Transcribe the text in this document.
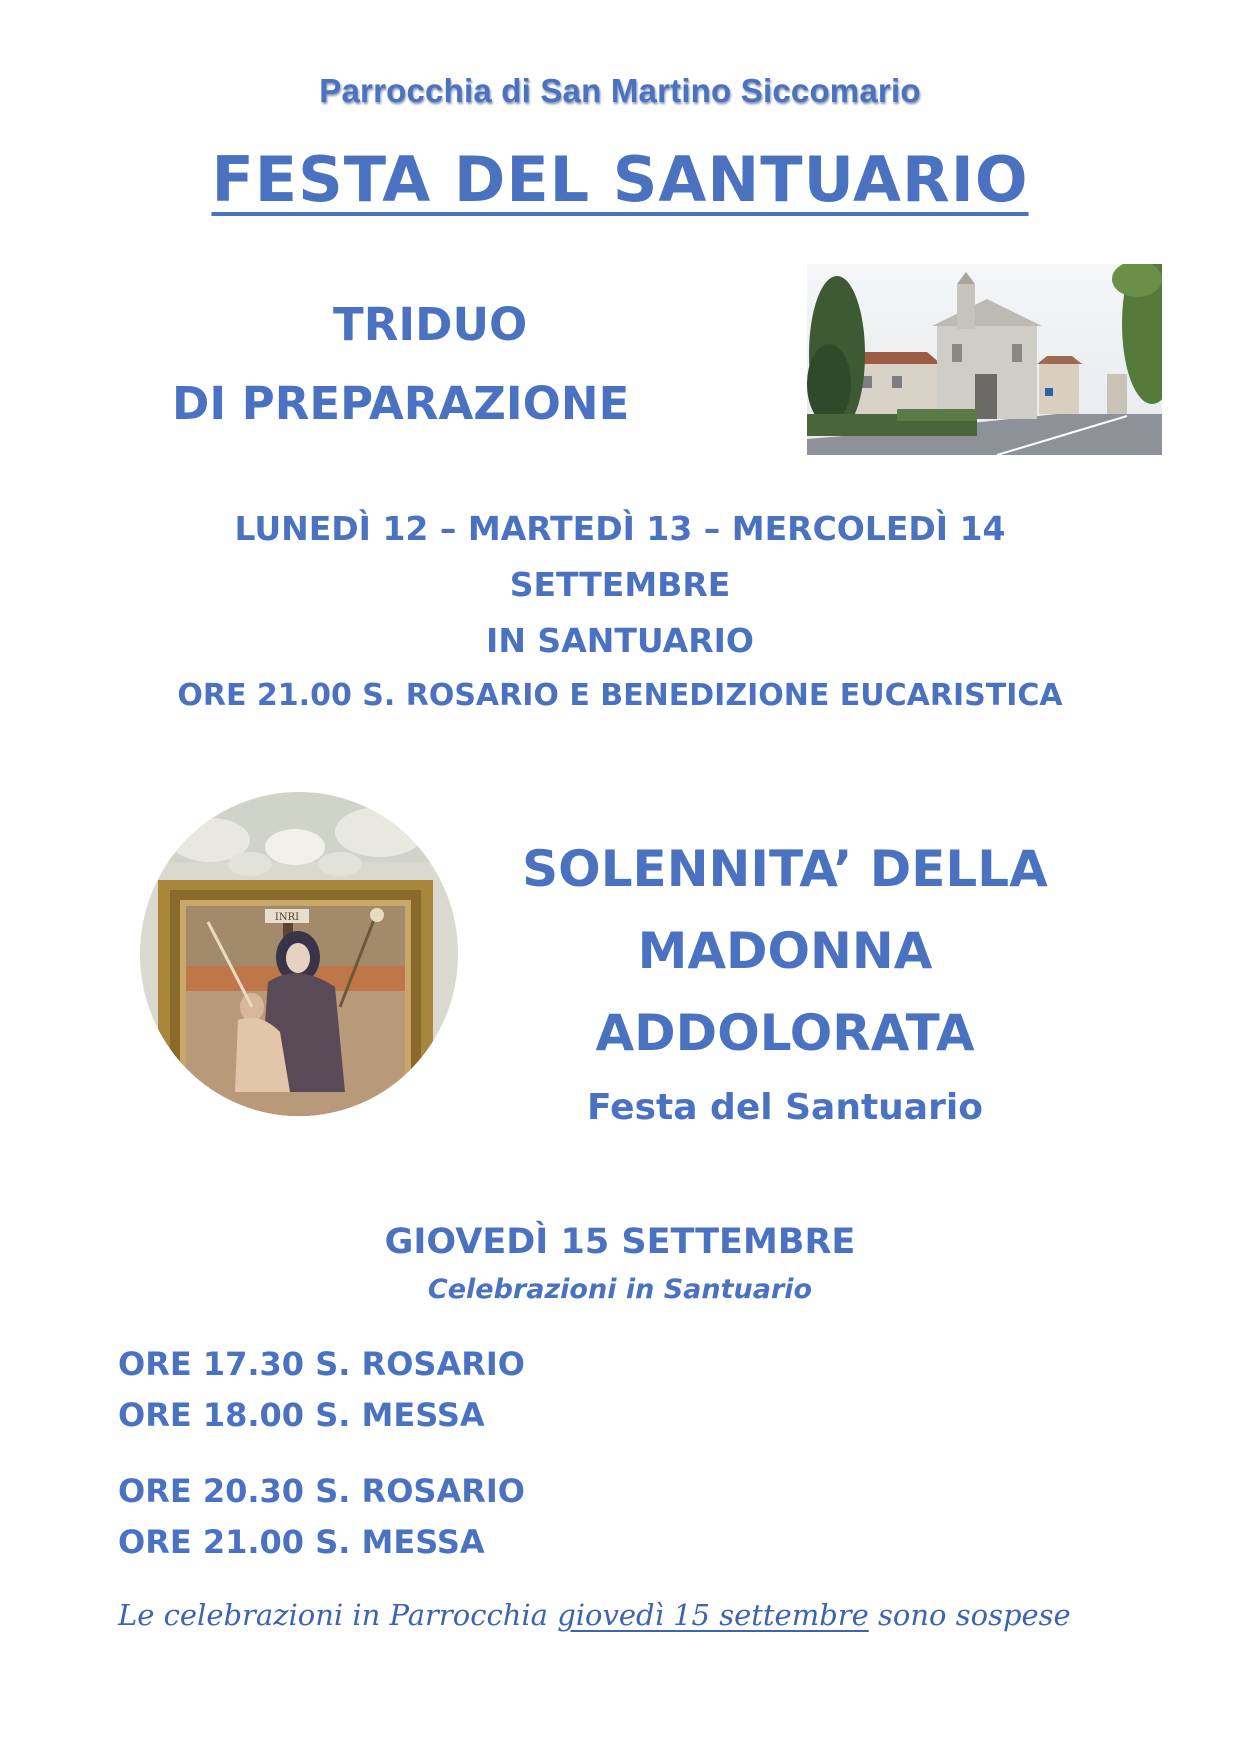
Parrocchia di San Martino Siccomario
FESTA DEL SANTUARIO
TRIDUO
DI PREPARAZIONE
LUNEDÌ 12 – MARTEDÌ 13 – MERCOLEDÌ 14
SETTEMBRE
IN SANTUARIO
ORE 21.00 S. ROSARIO E BENEDIZIONE EUCARISTICA
INRI
SOLENNITA’ DELLA
MADONNA
ADDOLORATA
Festa del Santuario
GIOVEDÌ 15 SETTEMBRE
Celebrazioni in Santuario
ORE 17.30 S. ROSARIO
ORE 18.00 S. MESSA
ORE 20.30 S. ROSARIO
ORE 21.00 S. MESSA
Le celebrazioni in Parrocchia giovedì 15 settembre sono sospese
